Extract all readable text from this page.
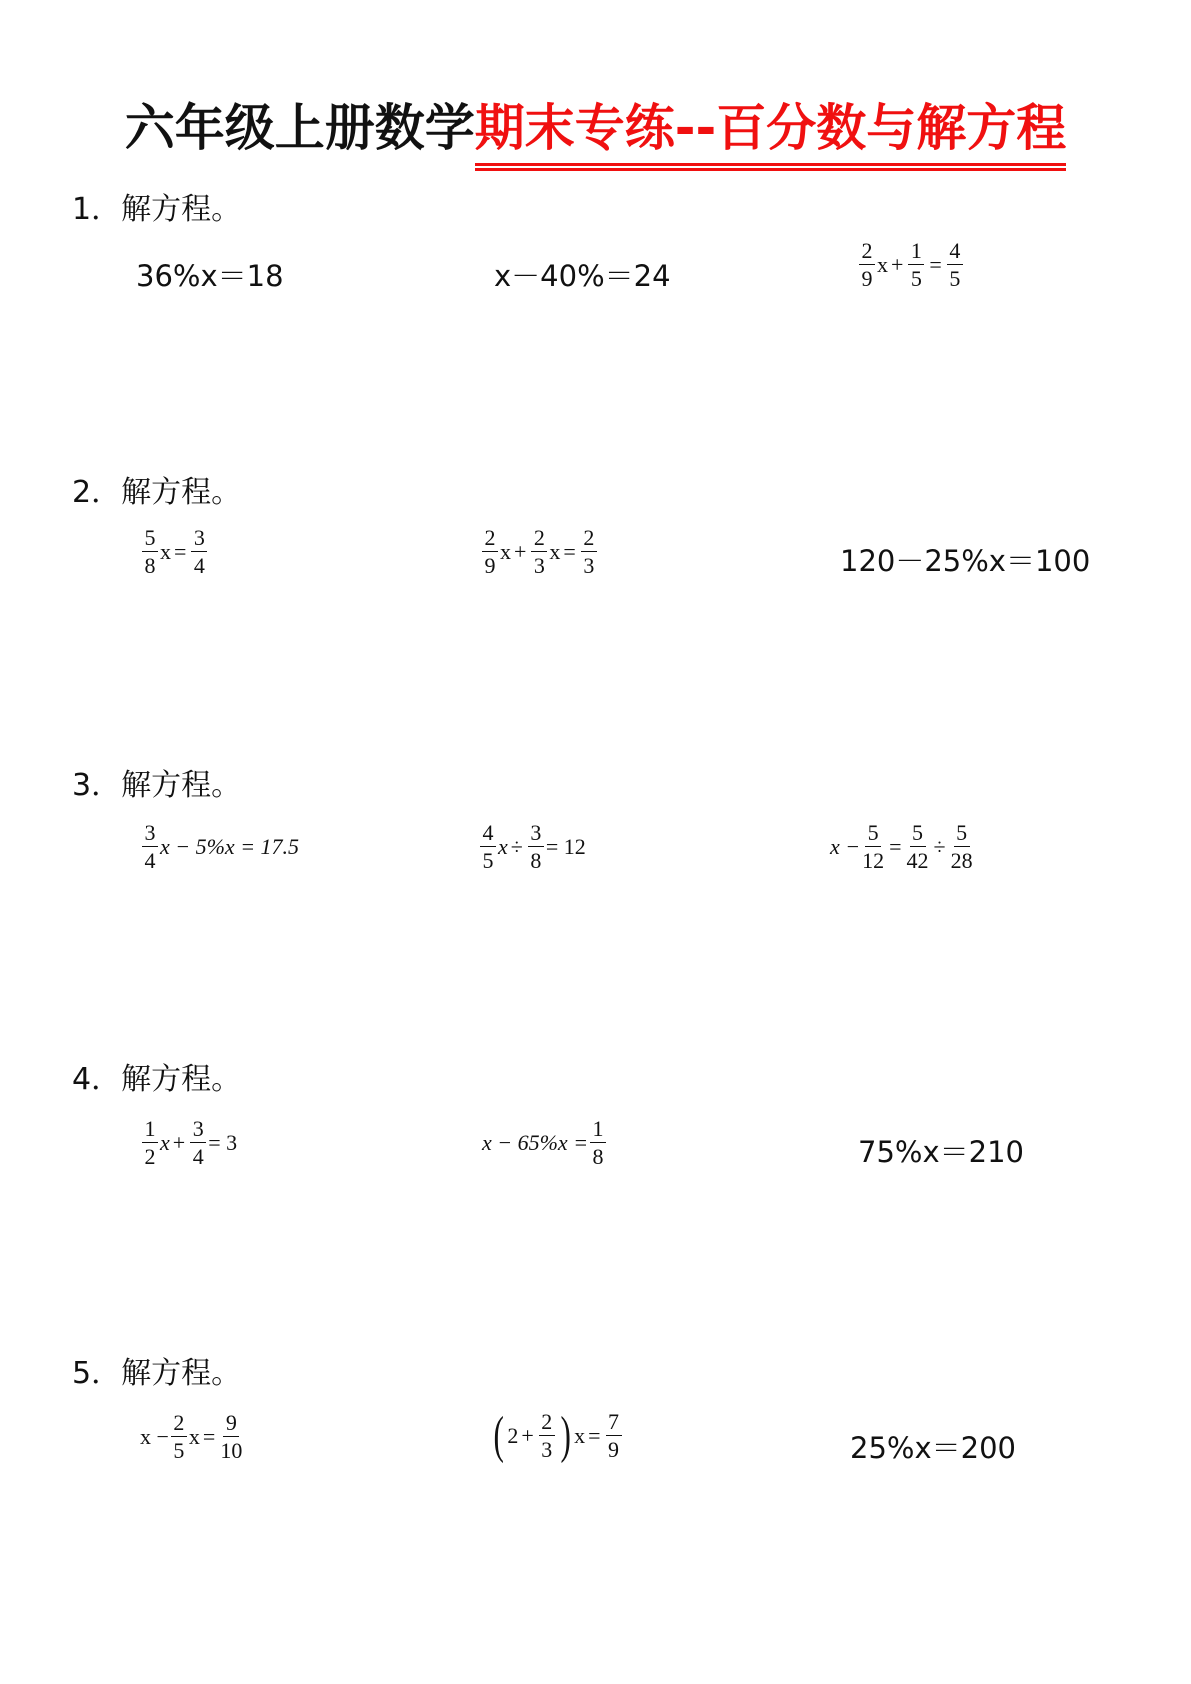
六年级上册数学期末专练--百分数与解方程
1．解方程。
36%x＝18	x－40%＝24	$\frac{2}{9}$ $x + \frac{1}{5} = \frac{4}{5}$
2．解方程。
$\frac{5}{8}$ $x = \frac{3}{4}$	$\frac{2}{9}$ $x + \frac{2}{3}$ $x = \frac{2}{3}$	120－25%x＝100
3．解方程。
$\frac{3}{4}$ x − 5%x = 17.5	$\frac{4}{5}$ $x \div \frac{3}{8} = 12$	$x - \frac{5}{12} = \frac{5}{42} \div \frac{5}{28}$
4．解方程。
$\frac{1}{2}$ $x + \frac{3}{4} = 3$	$x - 65\%x = \frac{1}{8}$	75%x＝210
5．解方程。
$x - \frac{2}{5}$ $x = \frac{9}{10}$	( $2 + \frac{2}{3}$ ) $x = \frac{7}{9}$	25%x＝200
